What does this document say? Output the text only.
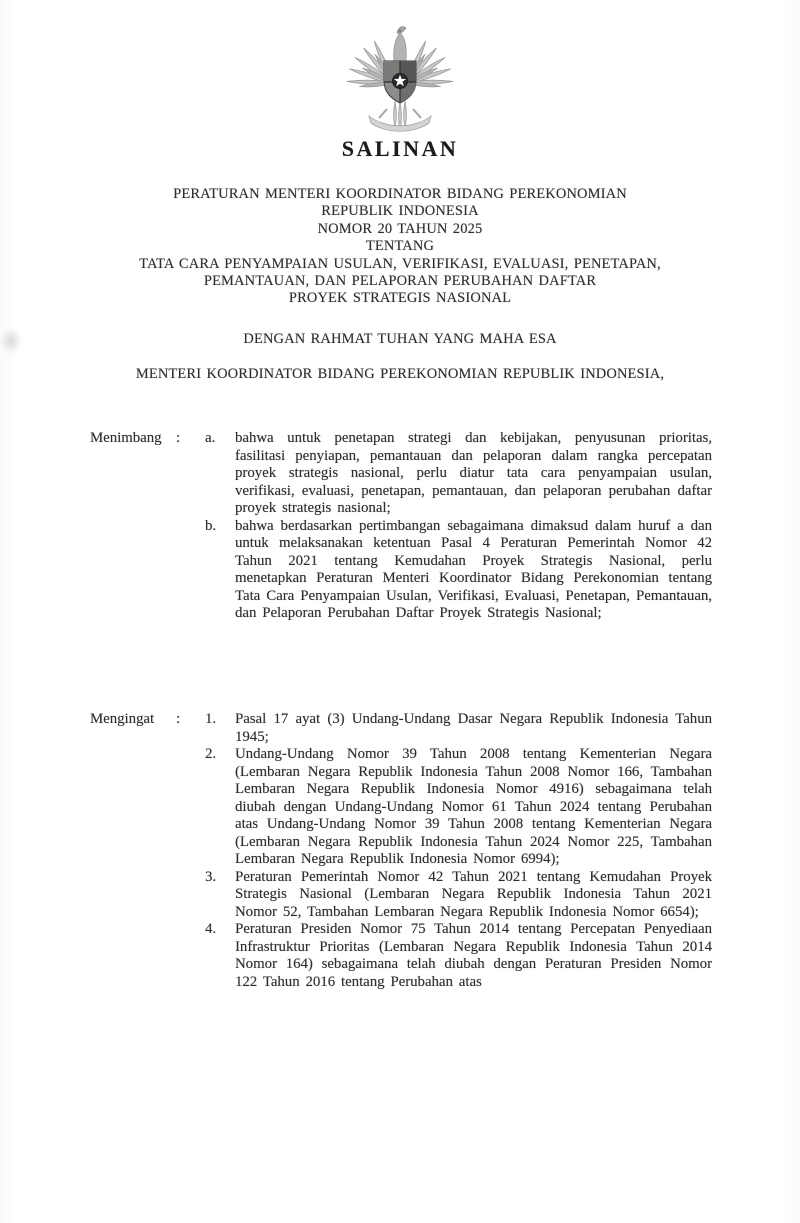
SALINAN
PERATURAN MENTERI KOORDINATOR BIDANG PEREKONOMIAN
REPUBLIK INDONESIA
NOMOR 20 TAHUN 2025
TENTANG
TATA CARA PENYAMPAIAN USULAN, VERIFIKASI, EVALUASI, PENETAPAN,
PEMANTAUAN, DAN PELAPORAN PERUBAHAN DAFTAR
PROYEK STRATEGIS NASIONAL
DENGAN RAHMAT TUHAN YANG MAHA ESA
MENTERI KOORDINATOR BIDANG PEREKONOMIAN REPUBLIK INDONESIA,
Menimbang :	a.	bahwa untuk penetapan strategi dan kebijakan, penyusunan prioritas, fasilitasi penyiapan, pemantauan dan pelaporan dalam rangka percepatan proyek strategis nasional, perlu diatur tata cara penyampaian usulan, verifikasi, evaluasi, penetapan, pemantauan, dan pelaporan perubahan daftar proyek strategis nasional;
b.	bahwa berdasarkan pertimbangan sebagaimana dimaksud dalam huruf a dan untuk melaksanakan ketentuan Pasal 4 Peraturan Pemerintah Nomor 42 Tahun 2021 tentang Kemudahan Proyek Strategis Nasional, perlu menetapkan Peraturan Menteri Koordinator Bidang Perekonomian tentang Tata Cara Penyampaian Usulan, Verifikasi, Evaluasi, Penetapan, Pemantauan, dan Pelaporan Perubahan Daftar Proyek Strategis Nasional;
Mengingat	:	1.	Pasal 17 ayat (3) Undang-Undang Dasar Negara Republik Indonesia Tahun 1945;
2.	Undang-Undang Nomor 39 Tahun 2008 tentang Kementerian Negara (Lembaran Negara Republik Indonesia Tahun 2008 Nomor 166, Tambahan Lembaran Negara Republik Indonesia Nomor 4916) sebagaimana telah diubah dengan Undang-Undang Nomor 61 Tahun 2024 tentang Perubahan atas Undang-Undang Nomor 39 Tahun 2008 tentang Kementerian Negara (Lembaran Negara Republik Indonesia Tahun 2024 Nomor 225, Tambahan Lembaran Negara Republik Indonesia Nomor 6994);
3.	Peraturan Pemerintah Nomor 42 Tahun 2021 tentang Kemudahan Proyek Strategis Nasional (Lembaran Negara Republik Indonesia Tahun 2021 Nomor 52, Tambahan Lembaran Negara Republik Indonesia Nomor 6654);
4.	Peraturan Presiden Nomor 75 Tahun 2014 tentang Percepatan Penyediaan Infrastruktur Prioritas (Lembaran Negara Republik Indonesia Tahun 2014 Nomor 164) sebagaimana telah diubah dengan Peraturan Presiden Nomor 122 Tahun 2016 tentang Perubahan atas
